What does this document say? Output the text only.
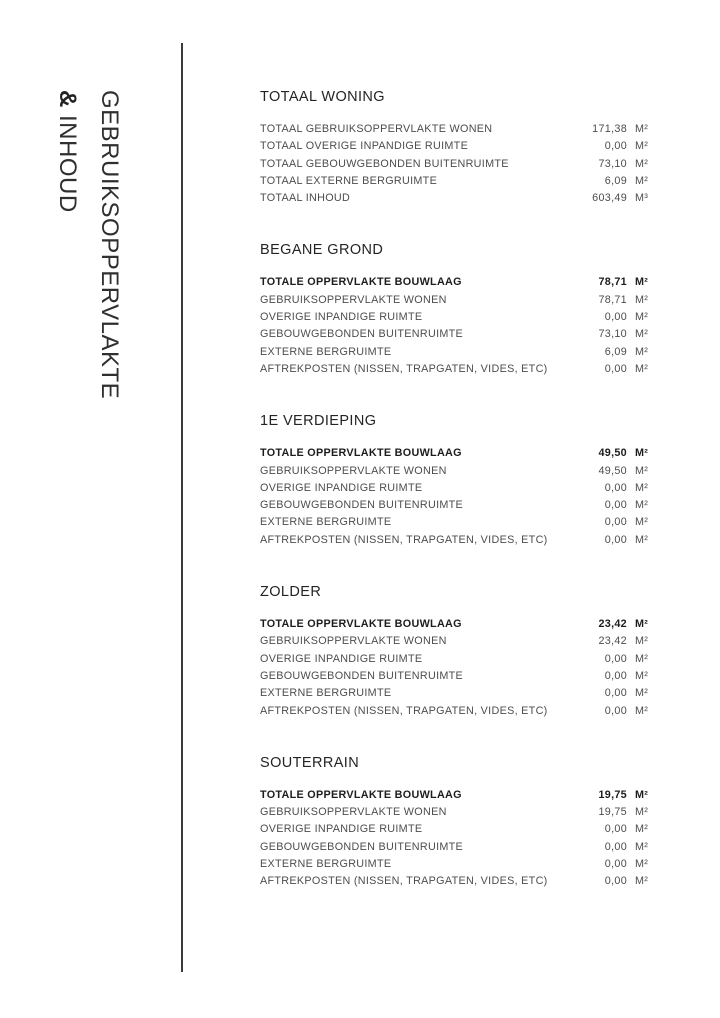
GEBRUIKSOPPERVLAKTE
& INHOUD
TOTAAL WONING
TOTAAL GEBRUIKSOPPERVLAKTE WONEN	171,38 M²
TOTAAL OVERIGE INPANDIGE RUIMTE	0,00 M²
TOTAAL GEBOUWGEBONDEN BUITENRUIMTE	73,10 M²
TOTAAL EXTERNE BERGRUIMTE	6,09 M²
TOTAAL INHOUD	603,49 M³
BEGANE GROND
TOTALE OPPERVLAKTE BOUWLAAG	78,71 M²
GEBRUIKSOPPERVLAKTE WONEN	78,71 M²
OVERIGE INPANDIGE RUIMTE	0,00 M²
GEBOUWGEBONDEN BUITENRUIMTE	73,10 M²
EXTERNE BERGRUIMTE	6,09 M²
AFTREKPOSTEN (NISSEN, TRAPGATEN, VIDES, ETC)	0,00 M²
1E VERDIEPING
TOTALE OPPERVLAKTE BOUWLAAG	49,50 M²
GEBRUIKSOPPERVLAKTE WONEN	49,50 M²
OVERIGE INPANDIGE RUIMTE	0,00 M²
GEBOUWGEBONDEN BUITENRUIMTE	0,00 M²
EXTERNE BERGRUIMTE	0,00 M²
AFTREKPOSTEN (NISSEN, TRAPGATEN, VIDES, ETC)	0,00 M²
ZOLDER
TOTALE OPPERVLAKTE BOUWLAAG	23,42 M²
GEBRUIKSOPPERVLAKTE WONEN	23,42 M²
OVERIGE INPANDIGE RUIMTE	0,00 M²
GEBOUWGEBONDEN BUITENRUIMTE	0,00 M²
EXTERNE BERGRUIMTE	0,00 M²
AFTREKPOSTEN (NISSEN, TRAPGATEN, VIDES, ETC)	0,00 M²
SOUTERRAIN
TOTALE OPPERVLAKTE BOUWLAAG	19,75 M²
GEBRUIKSOPPERVLAKTE WONEN	19,75 M²
OVERIGE INPANDIGE RUIMTE	0,00 M²
GEBOUWGEBONDEN BUITENRUIMTE	0,00 M²
EXTERNE BERGRUIMTE	0,00 M²
AFTREKPOSTEN (NISSEN, TRAPGATEN, VIDES, ETC)	0,00 M²
